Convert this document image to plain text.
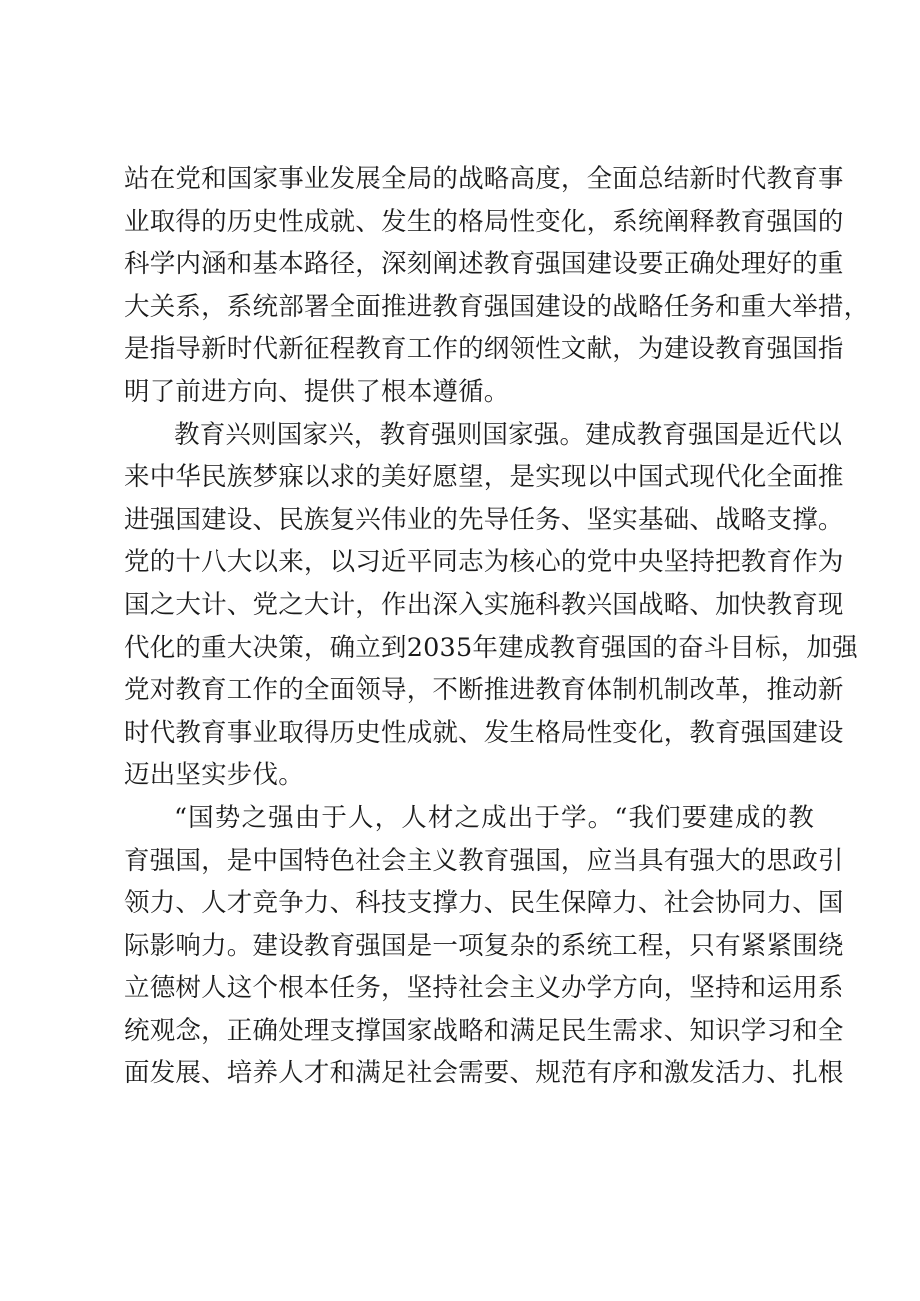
站在党和国家事业发展全局的战略高度，全面总结新时代教育事
业取得的历史性成就、发生的格局性变化，系统阐释教育强国的
科学内涵和基本路径，深刻阐述教育强国建设要正确处理好的重
大关系，系统部署全面推进教育强国建设的战略任务和重大举措，
是指导新时代新征程教育工作的纲领性文献，为建设教育强国指
明了前进方向、提供了根本遵循。
教育兴则国家兴，教育强则国家强。建成教育强国是近代以
来中华民族梦寐以求的美好愿望，是实现以中国式现代化全面推
进强国建设、民族复兴伟业的先导任务、坚实基础、战略支撑。
党的十八大以来，以习近平同志为核心的党中央坚持把教育作为
国之大计、党之大计，作出深入实施科教兴国战略、加快教育现
代化的重大决策，确立到2035年建成教育强国的奋斗目标，加强
党对教育工作的全面领导，不断推进教育体制机制改革，推动新
时代教育事业取得历史性成就、发生格局性变化，教育强国建设
迈出坚实步伐。
“国势之强由于人，人材之成出于学。“我们要建成的教
育强国，是中国特色社会主义教育强国，应当具有强大的思政引
领力、人才竞争力、科技支撑力、民生保障力、社会协同力、国
际影响力。建设教育强国是一项复杂的系统工程，只有紧紧围绕
立德树人这个根本任务，坚持社会主义办学方向，坚持和运用系
统观念，正确处理支撑国家战略和满足民生需求、知识学习和全
面发展、培养人才和满足社会需要、规范有序和激发活力、扎根
